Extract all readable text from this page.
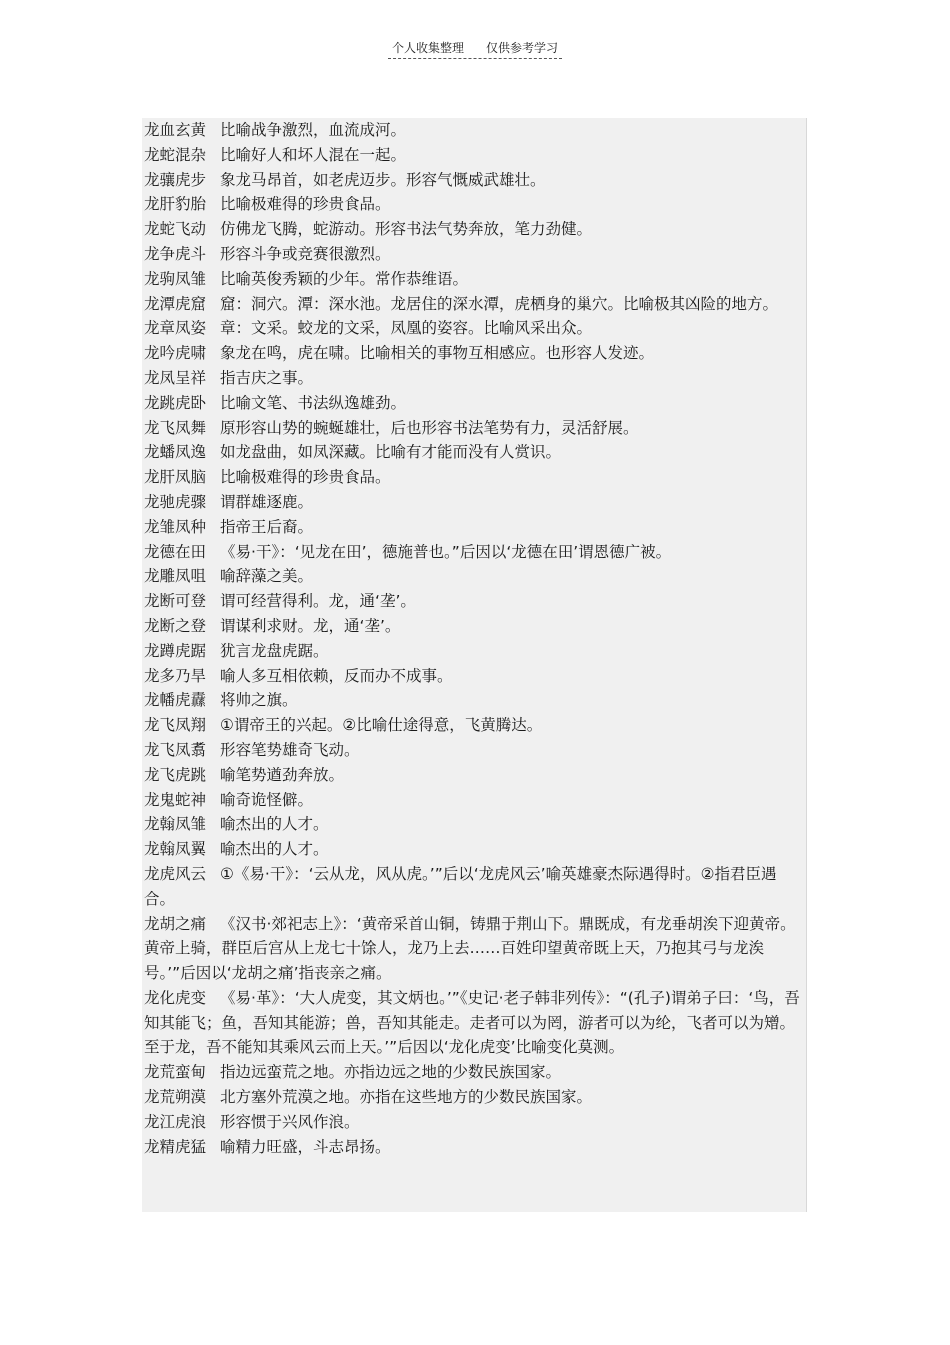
个人收集整理 仅供参考学习
龙血玄黄 比喻战争激烈，血流成河。
龙蛇混杂 比喻好人和坏人混在一起。
龙骧虎步 象龙马昂首，如老虎迈步。形容气慨威武雄壮。
龙肝豹胎 比喻极难得的珍贵食品。
龙蛇飞动 仿佛龙飞腾，蛇游动。形容书法气势奔放，笔力劲健。
龙争虎斗 形容斗争或竞赛很激烈。
龙驹凤雏 比喻英俊秀颖的少年。常作恭维语。
龙潭虎窟 窟：洞穴。潭：深水池。龙居住的深水潭，虎栖身的巢穴。比喻极其凶险的地方。
龙章凤姿 章：文采。蛟龙的文采，凤凰的姿容。比喻风采出众。
龙吟虎啸 象龙在鸣，虎在啸。比喻相关的事物互相感应。也形容人发迹。
龙凤呈祥 指吉庆之事。
龙跳虎卧 比喻文笔、书法纵逸雄劲。
龙飞凤舞 原形容山势的蜿蜒雄壮，后也形容书法笔势有力，灵活舒展。
龙蟠凤逸 如龙盘曲，如凤深藏。比喻有才能而没有人赏识。
龙肝凤脑 比喻极难得的珍贵食品。
龙驰虎骤 谓群雄逐鹿。
龙雏凤种 指帝王后裔。
龙德在田 《易·干》：‘见龙在田’，德施普也。”后因以‘龙德在田’谓恩德广被。
龙雕凤咀 喻辞藻之美。
龙断可登 谓可经营得利。龙，通‘垄’。
龙断之登 谓谋利求财。龙，通‘垄’。
龙蹲虎踞 犹言龙盘虎踞。
龙多乃旱 喻人多互相依赖，反而办不成事。
龙幡虎纛 将帅之旗。
龙飞凤翔 ①谓帝王的兴起。②比喻仕途得意，飞黄腾达。
龙飞凤翥 形容笔势雄奇飞动。
龙飞虎跳 喻笔势遒劲奔放。
龙鬼蛇神 喻奇诡怪僻。
龙翰凤雏 喻杰出的人才。
龙翰凤翼 喻杰出的人才。
龙虎风云 ①《易·干》：‘云从龙，风从虎。’”后以‘龙虎风云’喻英雄豪杰际遇得时。②指君臣遇合。
龙胡之痛 《汉书·郊祀志上》：‘黄帝采首山铜，铸鼎于荆山下。鼎既成，有龙垂胡涘下迎黄帝。黄帝上骑，群臣后宫从上龙七十馀人，龙乃上去……百姓印望黄帝既上天，乃抱其弓与龙涘号。’”后因以‘龙胡之痛’指丧亲之痛。
龙化虎变 《易·革》：‘大人虎变，其文炳也。’”《史记·老子韩非列传》：“(孔子)谓弟子曰：‘鸟，吾知其能飞；鱼，吾知其能游；兽，吾知其能走。走者可以为罔，游者可以为纶，飞者可以为矰。至于龙，吾不能知其乘风云而上天。’”后因以‘龙化虎变’比喻变化莫测。
龙荒蛮甸 指边远蛮荒之地。亦指边远之地的少数民族国家。
龙荒朔漠 北方塞外荒漠之地。亦指在这些地方的少数民族国家。
龙江虎浪 形容惯于兴风作浪。
龙精虎猛 喻精力旺盛，斗志昂扬。
